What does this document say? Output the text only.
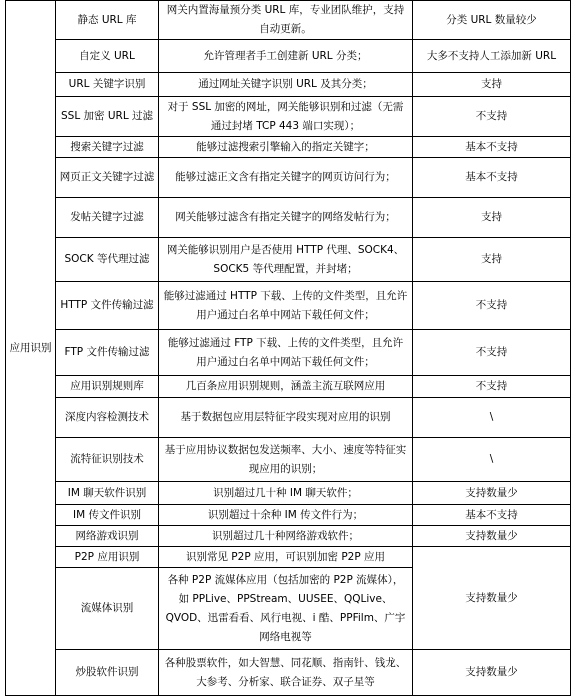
应用识别	静态 URL 库	网关内置海量预分类 URL 库，专业团队维护，支持自动更新。	分类 URL 数量较少
	自定义 URL	允许管理者手工创建新 URL 分类；	大多不支持人工添加新 URL
	URL 关键字识别	通过网址关键字识别 URL 及其分类；	支持
	SSL 加密 URL 过滤	对于 SSL 加密的网址，网关能够识别和过滤（无需通过封堵 TCP 443 端口实现）；	不支持
	搜索关键字过滤	能够过滤搜索引擎输入的指定关键字；	基本不支持
	网页正文关键字过滤	能够过滤正文含有指定关键字的网页访问行为；	基本不支持
	发帖关键字过滤	网关能够过滤含有指定关键字的网络发帖行为；	支持
	SOCK 等代理过滤	网关能够识别用户是否使用 HTTP 代理、SOCK4、SOCK5 等代理配置，并封堵；	支持
	HTTP 文件传输过滤	能够过滤通过 HTTP 下载、上传的文件类型，且允许用户通过白名单中网站下载任何文件；	不支持
	FTP 文件传输过滤	能够过滤通过 FTP 下载、上传的文件类型，且允许用户通过白名单中网站下载任何文件；	不支持
	应用识别规则库	几百条应用识别规则，涵盖主流互联网应用	不支持
	深度内容检测技术	基于数据包应用层特征字段实现对应用的识别	\
	流特征识别技术	基于应用协议数据包发送频率、大小、速度等特征实现应用的识别；	\
	IM 聊天软件识别	识别超过几十种 IM 聊天软件；	支持数量少
	IM 传文件识别	识别超过十余种 IM 传文件行为；	基本不支持
	网络游戏识别	识别超过几十种网络游戏软件；	支持数量少
	P2P 应用识别	识别常见 P2P 应用，可识别加密 P2P 应用	支持数量少
	流媒体识别	各种 P2P 流媒体应用（包括加密的 P2P 流媒体），如 PPLive、PPStream、UUSEE、QQLive、QVOD、迅雷看看、风行电视、i 酷、PPFilm、广宇网络电视等	
	炒股软件识别	各种股票软件，如大智慧、同花顺、指南针、钱龙、大参考、分析家、联合证券、双子星等	支持数量少
